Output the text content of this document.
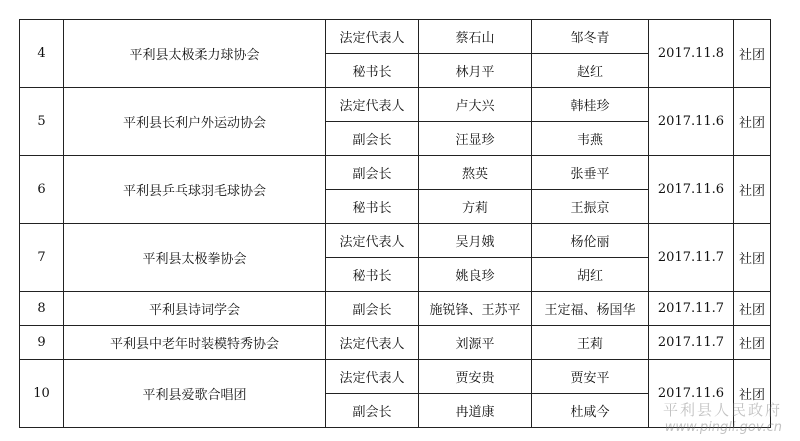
4	平利县太极柔力球协会	法定代表人	蔡石山	邹冬青	2017.11.8	社团
		秘书长	林月平	赵红		
5	平利县长利户外运动协会	法定代表人	卢大兴	韩桂珍	2017.11.6	社团
		副会长	汪显珍	韦燕		
6	平利县乒乓球羽毛球协会	副会长	熬英	张垂平	2017.11.6	社团
		秘书长	方莉	王振京		
7	平利县太极拳协会	法定代表人	吴月娥	杨伦丽	2017.11.7	社团
		秘书长	姚良珍	胡红		
8	平利县诗词学会	副会长	施锐锋、王苏平	王定福、杨国华	2017.11.7	社团
9	平利县中老年时装模特秀协会	法定代表人	刘源平	王莉	2017.11.7	社团
10	平利县爱歌合唱团	法定代表人	贾安贵	贾安平	2017.11.6	社团
		副会长	冉道康	杜咸今			平利县人民政府
www.pingli.gov.cn
